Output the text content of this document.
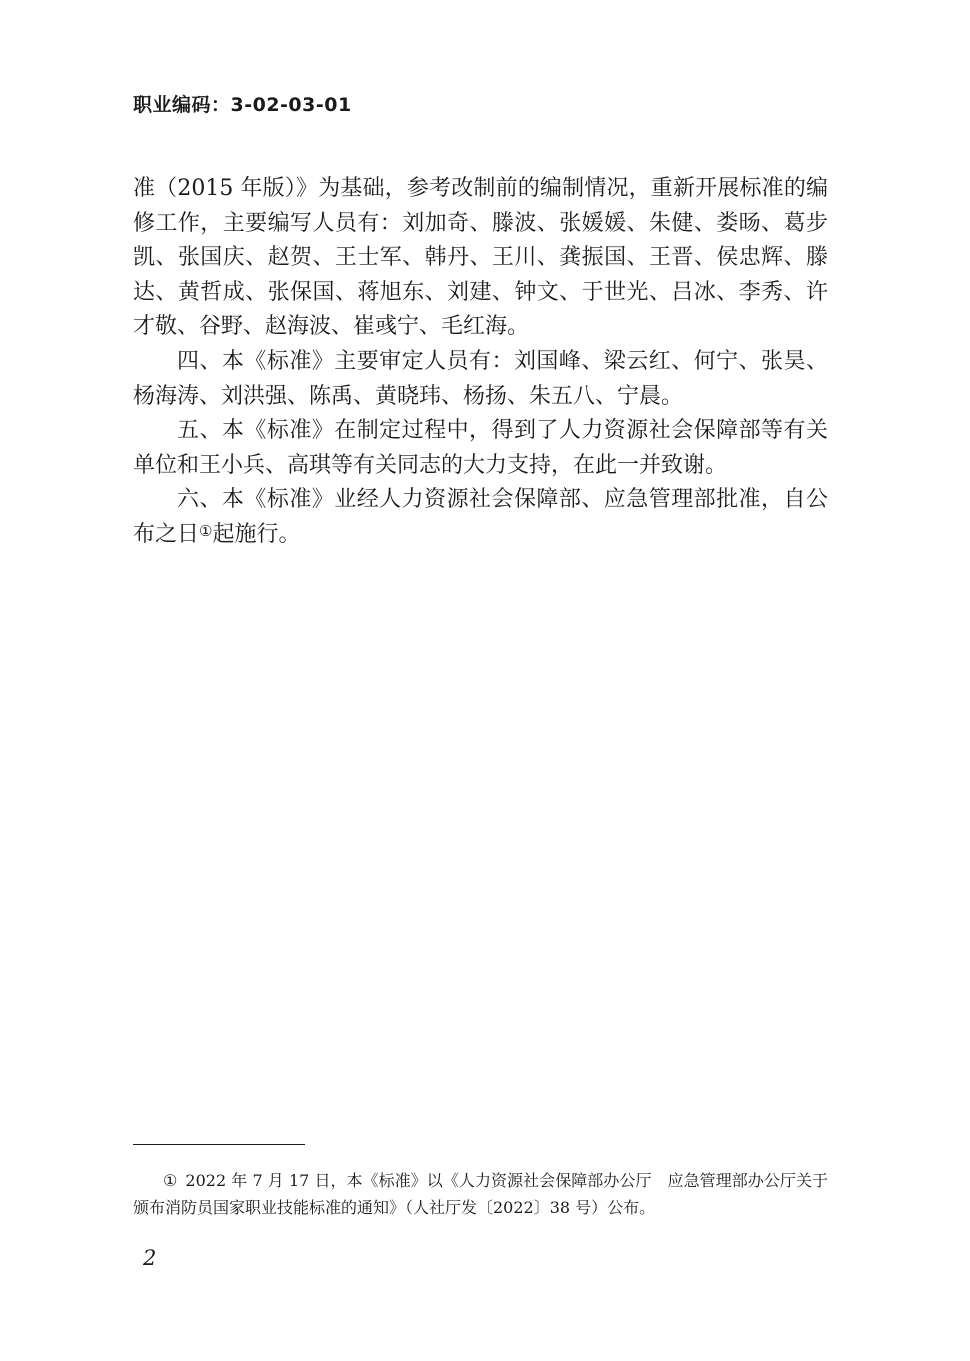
职业编码：3-02-03-01

准（2015 年版）》为基础，参考改制前的编制情况，重新开展标准的编修工作，主要编写人员有：刘加奇、滕波、张媛媛、朱健、娄旸、葛步凯、张国庆、赵贺、王士军、韩丹、王川、龚振国、王晋、侯忠辉、滕达、黄哲成、张保国、蒋旭东、刘建、钟文、于世光、吕冰、李秀、许才敬、谷野、赵海波、崔彧宁、毛红海。

四、本《标准》主要审定人员有：刘国峰、梁云红、何宁、张昊、杨海涛、刘洪强、陈禹、黄晓玮、杨扬、朱五八、宁晨。

五、本《标准》在制定过程中，得到了人力资源社会保障部等有关单位和王小兵、高琪等有关同志的大力支持，在此一并致谢。

六、本《标准》业经人力资源社会保障部、应急管理部批准，自公布之日①起施行。

① 2022 年 7 月 17 日，本《标准》以《人力资源社会保障部办公厅　应急管理部办公厅关于颁布消防员国家职业技能标准的通知》（人社厅发〔2022〕38 号）公布。

2
